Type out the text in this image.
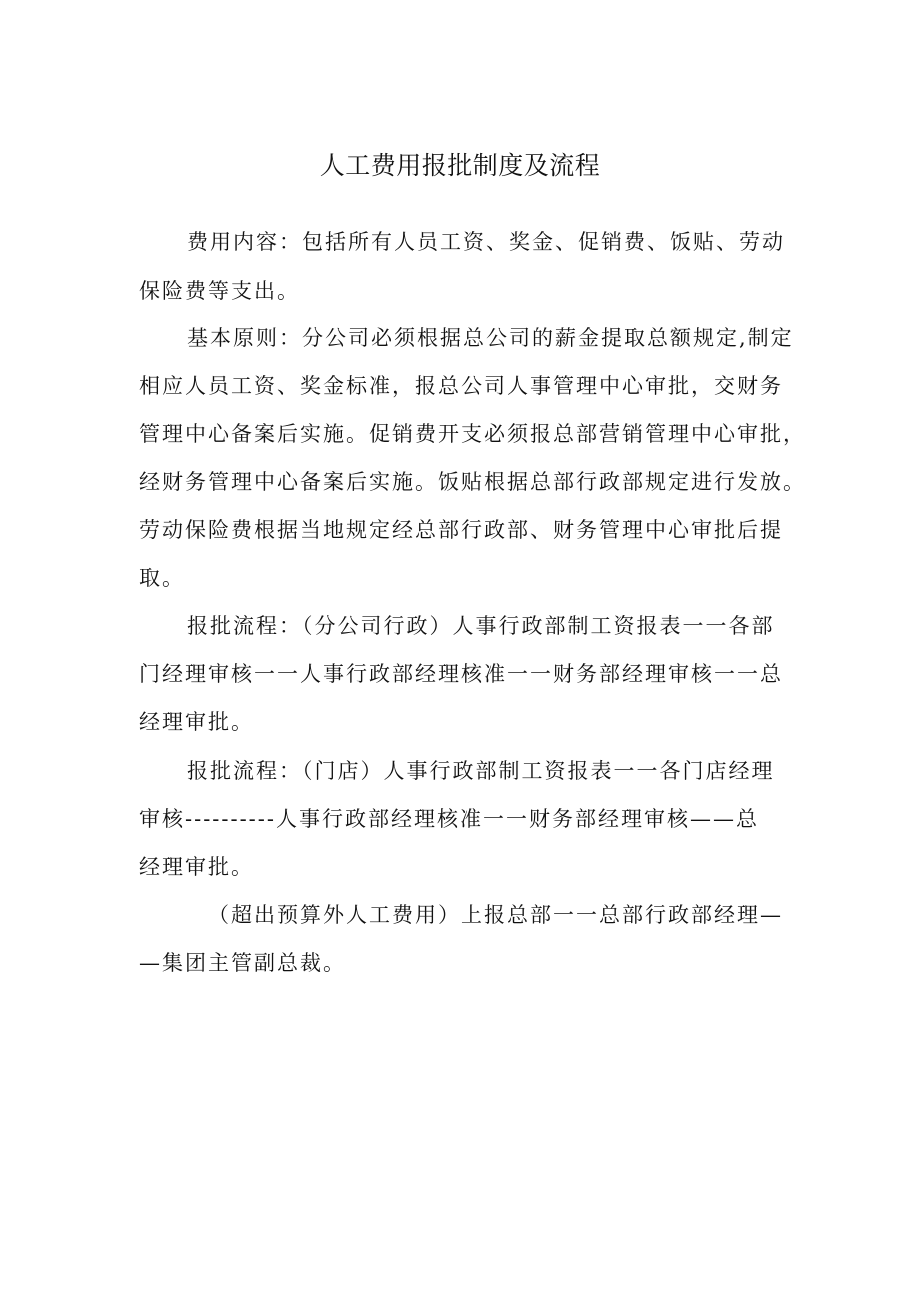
人工费用报批制度及流程
费用内容：包括所有人员工资、奖金、促销费、饭贴、劳动
保险费等支出。
基本原则：分公司必须根据总公司的薪金提取总额规定,制定
相应人员工资、奖金标准，报总公司人事管理中心审批，交财务
管理中心备案后实施。促销费开支必须报总部营销管理中心审批，
经财务管理中心备案后实施。饭贴根据总部行政部规定进行发放。
劳动保险费根据当地规定经总部行政部、财务管理中心审批后提
取。
报批流程：（分公司行政）人事行政部制工资报表一一各部
门经理审核一一人事行政部经理核准一一财务部经理审核一一总
经理审批。
报批流程：（门店）人事行政部制工资报表一一各门店经理
审核----------人事行政部经理核准一一财务部经理审核——总
经理审批。
（超出预算外人工费用）上报总部一一总部行政部经理—
—集团主管副总裁。
